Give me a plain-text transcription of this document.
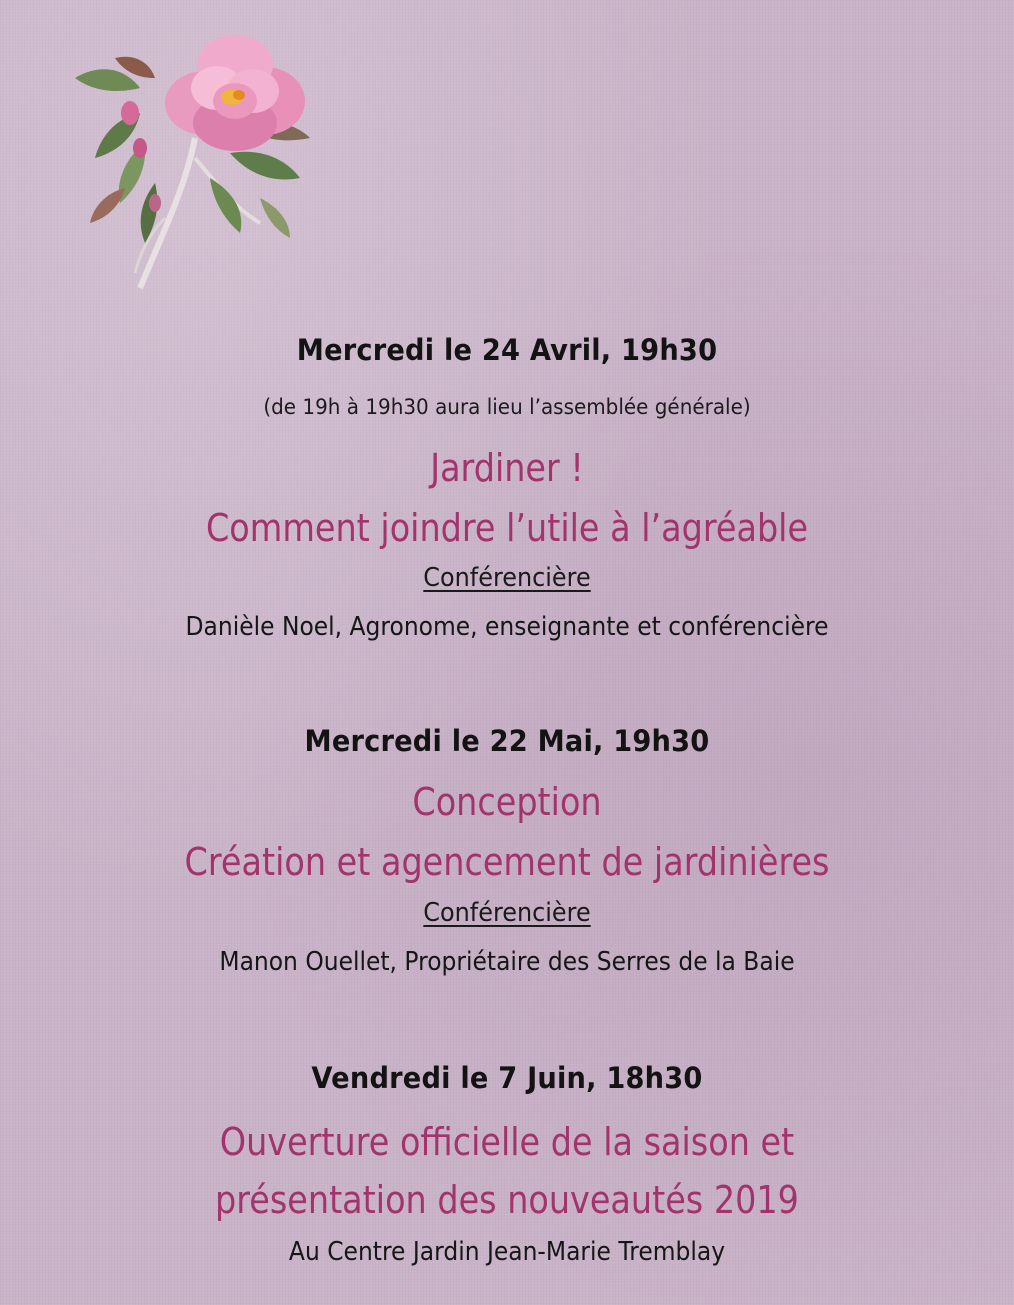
Mercredi le 24 Avril, 19h30
(de 19h à 19h30 aura lieu l’assemblée générale)
Jardiner !
Comment joindre l’utile à l’agréable
Conférencière
Danièle Noel, Agronome, enseignante et conférencière
Mercredi le 22 Mai, 19h30
Conception
Création et agencement de jardinières
Conférencière
Manon Ouellet, Propriétaire des Serres de la Baie
Vendredi le 7 Juin, 18h30
Ouverture officielle de la saison et
présentation des nouveautés 2019
Au Centre Jardin Jean-Marie Tremblay
